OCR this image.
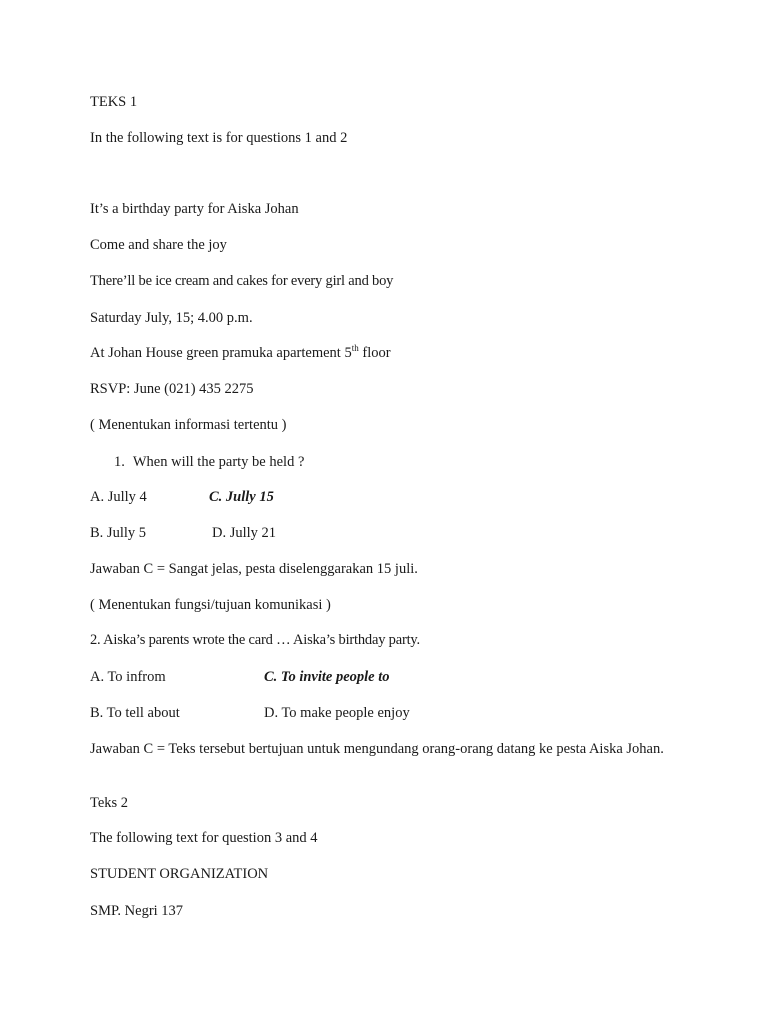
TEKS 1
In the following text is for questions 1 and 2
It’s a birthday party for Aiska Johan
Come and share the joy
There’ll be ice cream and cakes for every girl and boy
Saturday July, 15; 4.00 p.m.
At Johan House green pramuka apartement 5th floor
RSVP: June (021) 435 2275
( Menentukan informasi tertentu )
1. When will the party be held ?
A. Jully 4	C. Jully 15
B. Jully 5	D. Jully 21
Jawaban C = Sangat jelas, pesta diselenggarakan 15 juli.
( Menentukan fungsi/tujuan komunikasi )
2. Aiska’s parents wrote the card … Aiska’s birthday party.
A. To infrom	C. To invite people to
B. To tell about	D. To make people enjoy
Jawaban C = Teks tersebut bertujuan untuk mengundang orang-orang datang ke pesta Aiska Johan.
Teks 2
The following text for question 3 and 4
STUDENT ORGANIZATION
SMP. Negri 137
